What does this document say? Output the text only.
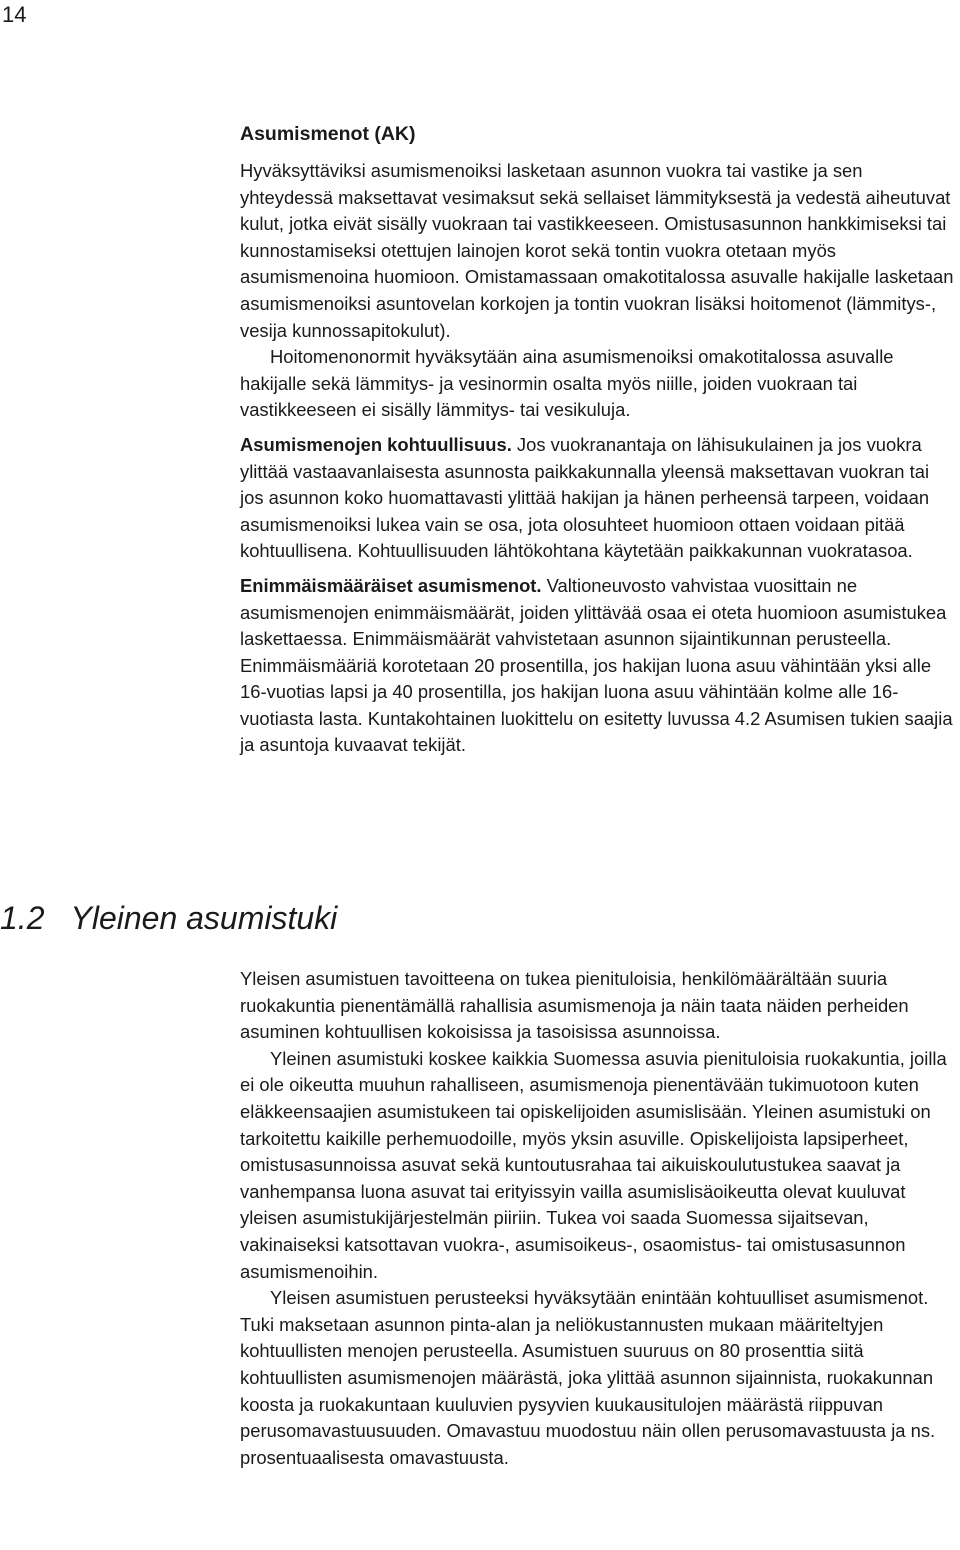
14
Asumismenot (AK)

Hyväksyttäviksi asumismenoiksi lasketaan asunnon vuokra tai vastike ja sen yhteydessä maksettavat vesimaksut sekä sellaiset lämmityksestä ja vedestä aiheutuvat kulut, jotka eivät sisälly vuokraan tai vastikkeeseen. Omistusasunnon hankkimiseksi tai kunnostamiseksi otettujen lainojen korot sekä tontin vuokra otetaan myös asumismenoina huomioon. Omistamassaan omakotitalossa asuvalle hakijalle lasketaan asumismenoiksi asuntovelan korkojen ja tontin vuokran lisäksi hoitomenot (lämmitys-, vesija kunnossapitokulut).

Hoitomenonormit hyväksytään aina asumismenoiksi omakotitalossa asuvalle hakijalle sekä lämmitys- ja vesinormin osalta myös niille, joiden vuokraan tai vastikkeeseen ei sisälly lämmitys- tai vesikuluja.

Asumismenojen kohtuullisuus. Jos vuokranantaja on lähisukulainen ja jos vuokra ylittää vastaavanlaisesta asunnosta paikkakunnalla yleensä maksettavan vuokran tai jos asunnon koko huomattavasti ylittää hakijan ja hänen perheensä tarpeen, voidaan asumismenoiksi lukea vain se osa, jota olosuhteet huomioon ottaen voidaan pitää kohtuullisena. Kohtuullisuuden lähtökohtana käytetään paikkakunnan vuokratasoa.

Enimmäismääräiset asumismenot. Valtioneuvosto vahvistaa vuosittain ne asumismenojen enimmäismäärät, joiden ylittävää osaa ei oteta huomioon asumistukea laskettaessa. Enimmäismäärät vahvistetaan asunnon sijaintikunnan perusteella. Enimmäismääriä korotetaan 20 prosentilla, jos hakijan luona asuu vähintään yksi alle 16-vuotias lapsi ja 40 prosentilla, jos hakijan luona asuu vähintään kolme alle 16-vuotiasta lasta. Kuntakohtainen luokittelu on esitetty luvussa 4.2 Asumisen tukien saajia ja asuntoja kuvaavat tekijät.

1.2 Yleinen asumistuki

Yleisen asumistuen tavoitteena on tukea pienituloisia, henkilömäärältään suuria ruokakuntia pienentämällä rahallisia asumismenoja ja näin taata näiden perheiden asuminen kohtuullisen kokoisissa ja tasoisissa asunnoissa.

Yleinen asumistuki koskee kaikkia Suomessa asuvia pienituloisia ruokakuntia, joilla ei ole oikeutta muuhun rahalliseen, asumismenoja pienentävään tukimuotoon kuten eläkkeensaajien asumistukeen tai opiskelijoiden asumislisään. Yleinen asumistuki on tarkoitettu kaikille perhemuodoille, myös yksin asuville. Opiskelijoista lapsiperheet, omistusasunnoissa asuvat sekä kuntoutusrahaa tai aikuiskoulutustukea saavat ja vanhempansa luona asuvat tai erityissyin vailla asumislisäoikeutta olevat kuuluvat yleisen asumistukijärjestelmän piiriin. Tukea voi saada Suomessa sijaitsevan, vakinaiseksi katsottavan vuokra-, asumisoikeus-, osaomistus- tai omistusasunnon asumismenoihin.

Yleisen asumistuen perusteeksi hyväksytään enintään kohtuulliset asumismenot. Tuki maksetaan asunnon pinta-alan ja neliökustannusten mukaan määriteltyjen kohtuullisten menojen perusteella. Asumistuen suuruus on 80 prosenttia siitä kohtuullisten asumismenojen määrästä, joka ylittää asunnon sijainnista, ruokakunnan koosta ja ruokakuntaan kuuluvien pysyvien kuukausitulojen määrästä riippuvan perusomavastuusuuden. Omavastuu muodostuu näin ollen perusomavastuusta ja ns. prosentuaalisesta omavastuusta.
